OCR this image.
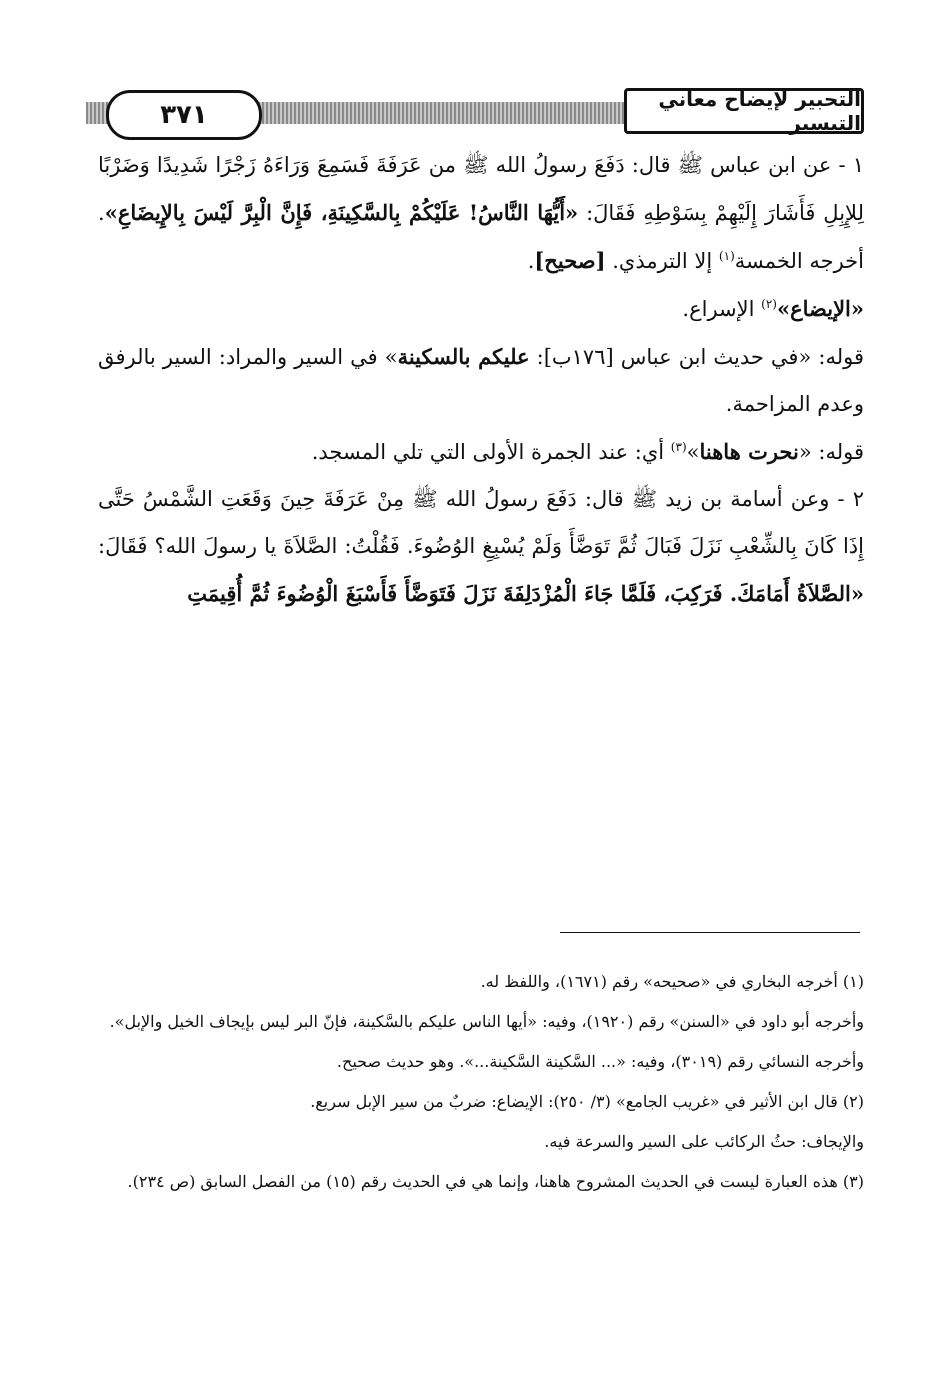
٣٧١
التحبير لإيضاح معاني التيسير

١ - عن ابن عباس ﷺ قال: دَفَعَ رسولُ الله ﷺ من عَرَفَةَ فَسَمِعَ وَرَاءَهُ زَجْرًا شَدِيدًا وَضَرْبًا لِلإِبِلِ فَأَشَارَ إِلَيْهِمْ بِسَوْطِهِ فَقَالَ: «أَيُّهَا النَّاسُ! عَلَيْكُمْ بِالسَّكِينَةِ، فَإِنَّ الْبِرَّ لَيْسَ بِالإِيضَاعِ». أخرجه الخمسة$^{(١)}$ إلا الترمذي. [صحيح].

«الإيضاع»$^{(٢)}$ الإسراع.

قوله: «في حديث ابن عباس [١٧٦ب]: عليكم بالسكينة» في السير والمراد: السير بالرفق وعدم المزاحمة.

قوله: «نحرت هاهنا»$^{(٣)}$ أي: عند الجمرة الأولى التي تلي المسجد.

٢ - وعن أسامة بن زيد ﷺ قال: دَفَعَ رسولُ الله ﷺ مِنْ عَرَفَةَ حِينَ وَقَعَتِ الشَّمْسُ حَتَّى إِذَا كَانَ بِالشِّعْبِ نَزَلَ فَبَالَ ثُمَّ تَوَضَّأَ وَلَمْ يُسْبِغِ الوُضُوءَ. فَقُلْتُ: الصَّلاَةَ يا رسولَ الله؟ فَقَالَ: «الصَّلاَةُ أَمَامَكَ. فَرَكِبَ، فَلَمَّا جَاءَ الْمُزْدَلِفَةَ نَزَلَ فَتَوَضَّأَ فَأَسْبَغَ الْوُضُوءَ ثُمَّ أُقِيمَتِ

(١) أخرجه البخاري في «صحيحه» رقم (١٦٧١)، واللفظ له.

وأخرجه أبو داود في «السنن» رقم (١٩٢٠)، وفيه: «أيها الناس عليكم بالسَّكينة، فإنّ البر ليس بإيجاف الخيل والإبل».

وأخرجه النسائي رقم (٣٠١٩)، وفيه: «... السَّكينة السَّكينة...». وهو حديث صحيح.

(٢) قال ابن الأثير في «غريب الجامع» (٣/ ٢٥٠): الإيضاع: ضربٌ من سير الإبل سريع.

والإيجاف: حثُ الركائب على السير والسرعة فيه.

(٣) هذه العبارة ليست في الحديث المشروح هاهنا، وإنما هي في الحديث رقم (١٥) من الفصل السابق (ص ٢٣٤).
